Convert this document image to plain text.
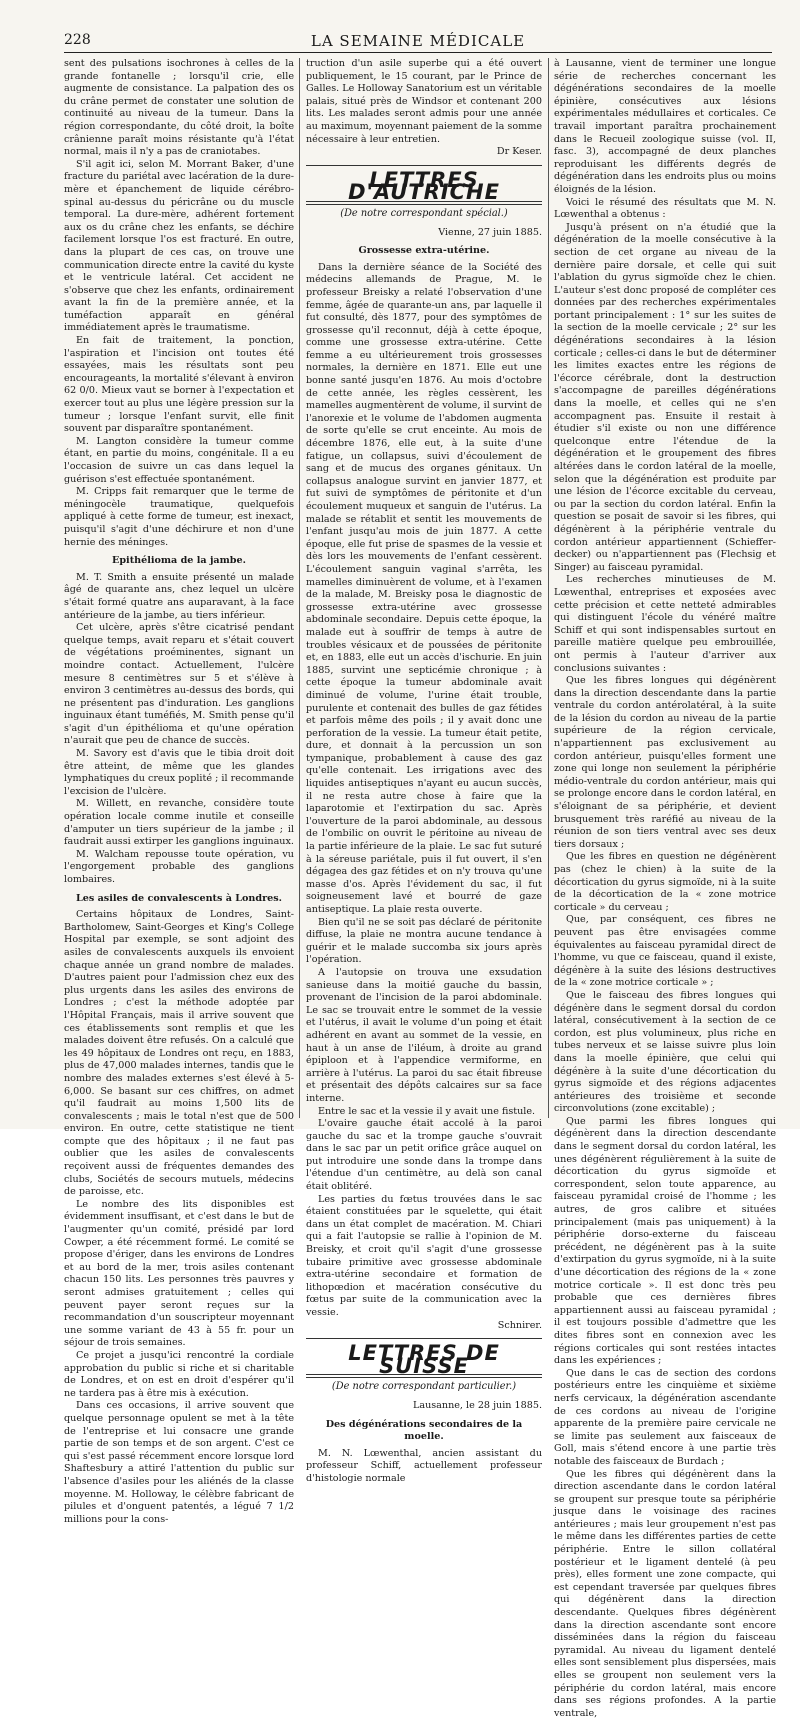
228	LA SEMAINE MÉDICALE

sent des pulsations isochrones à celles de la grande fontanelle ; lorsqu'il crie, elle augmente de consistance. La palpation des os du crâne permet de constater une solution de continuité au niveau de la tumeur. Dans la région correspondante, du côté droit, la boîte crânienne paraît moins résistante qu'à l'état normal, mais il n'y a pas de craniotabes.

S'il agit ici, selon M. Morrant Baker, d'une fracture du pariétal avec lacération de la dure-mère et épanchement de liquide cérébro-spinal au-dessus du péricrâne ou du muscle temporal. La dure-mère, adhérent fortement aux os du crâne chez les enfants, se déchire facilement lorsque l'os est fracturé. En outre, dans la plupart de ces cas, on trouve une communication directe entre la cavité du kyste et le ventricule latéral. Cet accident ne s'observe que chez les enfants, ordinairement avant la fin de la première année, et la tuméfaction apparaît en général immédiatement après le traumatisme.

En fait de traitement, la ponction, l'aspiration et l'incision ont toutes été essayées, mais les résultats sont peu encourageants, la mortalité s'élevant à environ 62 0/0. Mieux vaut se borner à l'expectation et exercer tout au plus une légère pression sur la tumeur ; lorsque l'enfant survit, elle finit souvent par disparaître spontanément.

M. Langton considère la tumeur comme étant, en partie du moins, congénitale. Il a eu l'occasion de suivre un cas dans lequel la guérison s'est effectuée spontanément.

M. Cripps fait remarquer que le terme de méningocèle traumatique, quelquefois appliqué à cette forme de tumeur, est inexact, puisqu'il s'agit d'une déchirure et non d'une hernie des méninges.

Epithélioma de la jambe.

M. T. Smith a ensuite présenté un malade âgé de quarante ans, chez lequel un ulcère s'était formé quatre ans auparavant, à la face antérieure de la jambe, au tiers inférieur.

Cet ulcère, après s'être cicatrisé pendant quelque temps, avait reparu et s'était couvert de végétations proéminentes, signant un moindre contact. Actuellement, l'ulcère mesure 8 centimètres sur 5 et s'élève à environ 3 centimètres au-dessus des bords, qui ne présentent pas d'induration. Les ganglions inguinaux étant tuméfiés, M. Smith pense qu'il s'agit d'un épithélioma et qu'une opération n'aurait que peu de chance de succès.

M. Savory est d'avis que le tibia droit doit être atteint, de même que les glandes lymphatiques du creux poplité ; il recommande l'excision de l'ulcère.

M. Willett, en revanche, considère toute opération locale comme inutile et conseille d'amputer un tiers supérieur de la jambe ; il faudrait aussi extirper les ganglions inguinaux.

M. Walcham repousse toute opération, vu l'engorgement probable des ganglions lombaires.

Les asiles de convalescents à Londres.

Certains hôpitaux de Londres, Saint-Bartholomew, Saint-Georges et King's College Hospital par exemple, se sont adjoint des asiles de convalescents auxquels ils envoient chaque année un grand nombre de malades. D'autres paient pour l'admission chez eux des plus urgents dans les asiles des environs de Londres ; c'est la méthode adoptée par l'Hôpital Français, mais il arrive souvent que ces établissements sont remplis et que les malades doivent être refusés. On a calculé que les 49 hôpitaux de Londres ont reçu, en 1883, plus de 47,000 malades internes, tandis que le nombre des malades externes s'est élevé à 5-6,000. Se basant sur ces chiffres, on admet qu'il faudrait au moins 1,500 lits de convalescents ; mais le total n'est que de 500 environ. En outre, cette statistique ne tient compte que des hôpitaux ; il ne faut pas oublier que les asiles de convalescents reçoivent aussi de fréquentes demandes des clubs, Sociétés de secours mutuels, médecins de paroisse, etc.

Le nombre des lits disponibles est évidemment insuffisant, et c'est dans le but de l'augmenter qu'un comité, présidé par lord Cowper, a été récemment formé. Le comité se propose d'ériger, dans les environs de Londres et au bord de la mer, trois asiles contenant chacun 150 lits. Les personnes très pauvres y seront admises gratuitement ; celles qui peuvent payer seront reçues sur la recommandation d'un souscripteur moyennant une somme variant de 43 à 55 fr. pour un séjour de trois semaines.

Ce projet a jusqu'ici rencontré la cordiale approbation du public si riche et si charitable de Londres, et on est en droit d'espérer qu'il ne tardera pas à être mis à exécution.

Dans ces occasions, il arrive souvent que quelque personnage opulent se met à la tête de l'entreprise et lui consacre une grande partie de son temps et de son argent. C'est ce qui s'est passé récemment encore lorsque lord Shaftesbury a attiré l'attention du public sur l'absence d'asiles pour les aliénés de la classe moyenne. M. Holloway, le célèbre fabricant de pilules et d'onguent patentés, a légué 7 1/2 millions pour la cons-

truction d'un asile superbe qui a été ouvert publiquement, le 15 courant, par le Prince de Galles. Le Holloway Sanatorium est un véritable palais, situé près de Windsor et contenant 200 lits. Les malades seront admis pour une année au maximum, moyennant paiement de la somme nécessaire à leur entretien.

Dr Keser.

LETTRES D'AUTRICHE
(De notre correspondant spécial.)

Vienne, 27 juin 1885.

Grossesse extra-utérine.

Dans la dernière séance de la Société des médecins allemands de Prague, M. le professeur Breisky a relaté l'observation d'une femme, âgée de quarante-un ans, par laquelle il fut consulté, dès 1877, pour des symptômes de grossesse qu'il reconnut, déjà à cette époque, comme une grossesse extra-utérine. Cette femme a eu ultérieurement trois grossesses normales, la dernière en 1871. Elle eut une bonne santé jusqu'en 1876. Au mois d'octobre de cette année, les règles cessèrent, les mamelles augmentèrent de volume, il survint de l'anorexie et le volume de l'abdomen augmenta de sorte qu'elle se crut enceinte. Au mois de décembre 1876, elle eut, à la suite d'une fatigue, un collapsus, suivi d'écoulement de sang et de mucus des organes génitaux. Un collapsus analogue survint en janvier 1877, et fut suivi de symptômes de péritonite et d'un écoulement muqueux et sanguin de l'utérus. La malade se rétablit et sentit les mouvements de l'enfant jusqu'au mois de juin 1877. A cette époque, elle fut prise de spasmes de la vessie et dès lors les mouvements de l'enfant cessèrent. L'écoulement sanguin vaginal s'arrêta, les mamelles diminuèrent de volume, et à l'examen de la malade, M. Breisky posa le diagnostic de grossesse extra-utérine avec grossesse abdominale secondaire. Depuis cette époque, la malade eut à souffrir de temps à autre de troubles vésicaux et de poussées de péritonite et, en 1883, elle eut un accès d'ischurie. En juin 1885, survint une septicémie chronique ; à cette époque la tumeur abdominale avait diminué de volume, l'urine était trouble, purulente et contenait des bulles de gaz fétides et parfois même des poils ; il y avait donc une perforation de la vessie. La tumeur était petite, dure, et donnait à la percussion un son tympanique, probablement à cause des gaz qu'elle contenait. Les irrigations avec des liquides antiseptiques n'ayant eu aucun succès, il ne resta autre chose à faire que la laparotomie et l'extirpation du sac. Après l'ouverture de la paroi abdominale, au dessous de l'ombilic on ouvrit le péritoine au niveau de la partie inférieure de la plaie. Le sac fut suturé à la séreuse pariétale, puis il fut ouvert, il s'en dégagea des gaz fétides et on n'y trouva qu'une masse d'os. Après l'évidement du sac, il fut soigneusement lavé et bourré de gaze antiseptique. La plaie resta ouverte.

Bien qu'il ne se soit pas déclaré de péritonite diffuse, la plaie ne montra aucune tendance à guérir et le malade succomba six jours après l'opération.

A l'autopsie on trouva une exsudation sanieuse dans la moitié gauche du bassin, provenant de l'incision de la paroi abdominale. Le sac se trouvait entre le sommet de la vessie et l'utérus, il avait le volume d'un poing et était adhérent en avant au sommet de la vessie, en haut à un anse de l'iléum, à droite au grand épiploon et à l'appendice vermiforme, en arrière à l'utérus. La paroi du sac était fibreuse et présentait des dépôts calcaires sur sa face interne.

Entre le sac et la vessie il y avait une fistule.

L'ovaire gauche était accolé à la paroi gauche du sac et la trompe gauche s'ouvrait dans le sac par un petit orifice grâce auquel on put introduire une sonde dans la trompe dans l'étendue d'un centimètre, au delà son canal était oblitéré.

Les parties du fœtus trouvées dans le sac étaient constituées par le squelette, qui était dans un état complet de macération. M. Chiari qui a fait l'autopsie se rallie à l'opinion de M. Breisky, et croit qu'il s'agit d'une grossesse tubaire primitive avec grossesse abdominale extra-utérine secondaire et formation de lithopœdion et macération consécutive du fœtus par suite de la communication avec la vessie.

Schnirer.

LETTRES DE SUISSE
(De notre correspondant particulier.)

Lausanne, le 28 juin 1885.

Des dégénérations secondaires de la moelle.

M. N. Lœwenthal, ancien assistant du professeur Schiff, actuellement professeur d'histologie normale

à Lausanne, vient de terminer une longue série de recherches concernant les dégénérations secondaires de la moelle épinière, consécutives aux lésions expérimentales médullaires et corticales. Ce travail important paraîtra prochainement dans le Recueil zoologique suisse (vol. II, fasc. 3), accompagné de deux planches reproduisant les différents degrés de dégénération dans les endroits plus ou moins éloignés de la lésion.

Voici le résumé des résultats que M. N. Lœwenthal a obtenus :

Jusqu'à présent on n'a étudié que la dégénération de la moelle consécutive à la section de cet organe au niveau de la dernière paire dorsale, et celle qui suit l'ablation du gyrus sigmoïde chez le chien. L'auteur s'est donc proposé de compléter ces données par des recherches expérimentales portant principalement : 1° sur les suites de la section de la moelle cervicale ; 2° sur les dégénérations secondaires à la lésion corticale ; celles-ci dans le but de déterminer les limites exactes entre les régions de l'écorce cérébrale, dont la destruction s'accompagne de pareilles dégénérations dans la moelle, et celles qui ne s'en accompagnent pas. Ensuite il restait à étudier s'il existe ou non une différence quelconque entre l'étendue de la dégénération et le groupement des fibres altérées dans le cordon latéral de la moelle, selon que la dégénération est produite par une lésion de l'écorce excitable du cerveau, ou par la section du cordon latéral. Enfin la question se posait de savoir si les fibres, qui dégénèrent à la périphérie ventrale du cordon antérieur appartiennent (Schieffer-decker) ou n'appartiennent pas (Flechsig et Singer) au faisceau pyramidal.

Les recherches minutieuses de M. Lœwenthal, entreprises et exposées avec cette précision et cette netteté admirables qui distinguent l'école du vénéré maître Schiff et qui sont indispensables surtout en pareille matière quelque peu embrouillée, ont permis à l'auteur d'arriver aux conclusions suivantes :

Que les fibres longues qui dégénèrent dans la direction descendante dans la partie ventrale du cordon antérolatéral, à la suite de la lésion du cordon au niveau de la partie supérieure de la région cervicale, n'appartiennent pas exclusivement au cordon antérieur, puisqu'elles forment une zone qui longe non seulement la périphérie médio-ventrale du cordon antérieur, mais qui se prolonge encore dans le cordon latéral, en s'éloignant de sa périphérie, et devient brusquement très raréfié au niveau de la réunion de son tiers ventral avec ses deux tiers dorsaux ;

Que les fibres en question ne dégénèrent pas (chez le chien) à la suite de la décortication du gyrus sigmoïde, ni à la suite de la décortication de la « zone motrice corticale » du cerveau ;

Que, par conséquent, ces fibres ne peuvent pas être envisagées comme équivalentes au faisceau pyramidal direct de l'homme, vu que ce faisceau, quand il existe, dégénère à la suite des lésions destructives de la « zone motrice corticale » ;

Que le faisceau des fibres longues qui dégénère dans le segment dorsal du cordon latéral, consécutivement à la section de ce cordon, est plus volumineux, plus riche en tubes nerveux et se laisse suivre plus loin dans la moelle épinière, que celui qui dégénère à la suite d'une décortication du gyrus sigmoïde et des régions adjacentes antérieures des troisième et seconde circonvolutions (zone excitable) ;

Que parmi les fibres longues qui dégénèrent dans la direction descendante dans le segment dorsal du cordon latéral, les unes dégénèrent régulièrement à la suite de décortication du gyrus sigmoïde et correspondent, selon toute apparence, au faisceau pyramidal croisé de l'homme ; les autres, de gros calibre et situées principalement (mais pas uniquement) à la périphérie dorso-externe du faisceau précédent, ne dégénèrent pas à la suite d'extirpation du gyrus sygmoïde, ni à la suite d'une décortication des régions de la « zone motrice corticale ». Il est donc très peu probable que ces dernières fibres appartiennent aussi au faisceau pyramidal ; il est toujours possible d'admettre que les dites fibres sont en connexion avec les régions corticales qui sont restées intactes dans les expériences ;

Que dans le cas de section des cordons postérieurs entre les cinquième et sixième nerfs cervicaux, la dégénération ascendante de ces cordons au niveau de l'origine apparente de la première paire cervicale ne se limite pas seulement aux faisceaux de Goll, mais s'étend encore à une partie très notable des faisceaux de Burdach ;

Que les fibres qui dégénèrent dans la direction ascendante dans le cordon latéral se groupent sur presque toute sa périphérie jusque dans le voisinage des racines antérieures ; mais leur groupement n'est pas le même dans les différentes parties de cette périphérie. Entre le sillon collatéral postérieur et le ligament dentelé (à peu près), elles forment une zone compacte, qui est cependant traversée par quelques fibres qui dégénèrent dans la direction descendante. Quelques fibres dégénèrent dans la direction ascendante sont encore disséminées dans la région du faisceau pyramidal. Au niveau du ligament dentelé elles sont sensiblement plus dispersées, mais elles se groupent non seulement vers la périphérie du cordon latéral, mais encore dans ses régions profondes. A la partie ventrale,
